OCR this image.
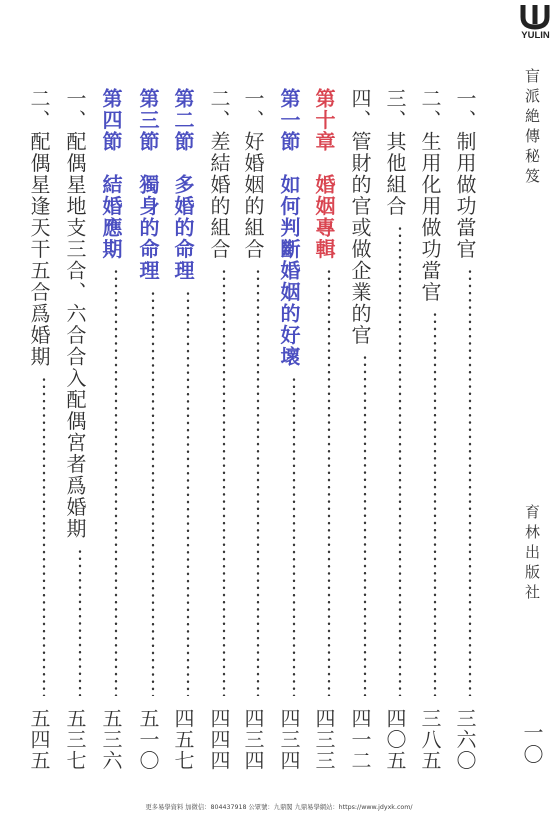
YULIN
盲派絶傳秘笈
育林出版社
一〇
一、制用做功當官
三六〇
二、生用化用做功當官
三八五
三、其他組合
四〇五
四、管財的官或做企業的官
四一二
第十章　婚姻專輯
四三三
第一節　如何判斷婚姻的好壞
四三四
一、好婚姻的組合
四三四
二、差結婚的組合
四四四
第二節　多婚的命理
四五七
第三節　獨身的命理
五一〇
第四節　結婚應期
五三六
一、配偶星地支三合、六合合入配偶宮者爲婚期
五三七
二、配偶星逢天干五合爲婚期
五四五
更多易學資料 加微信：804437918 公眾號：九鼎閣 九鼎易學網站：https://www.jdyxk.com/
